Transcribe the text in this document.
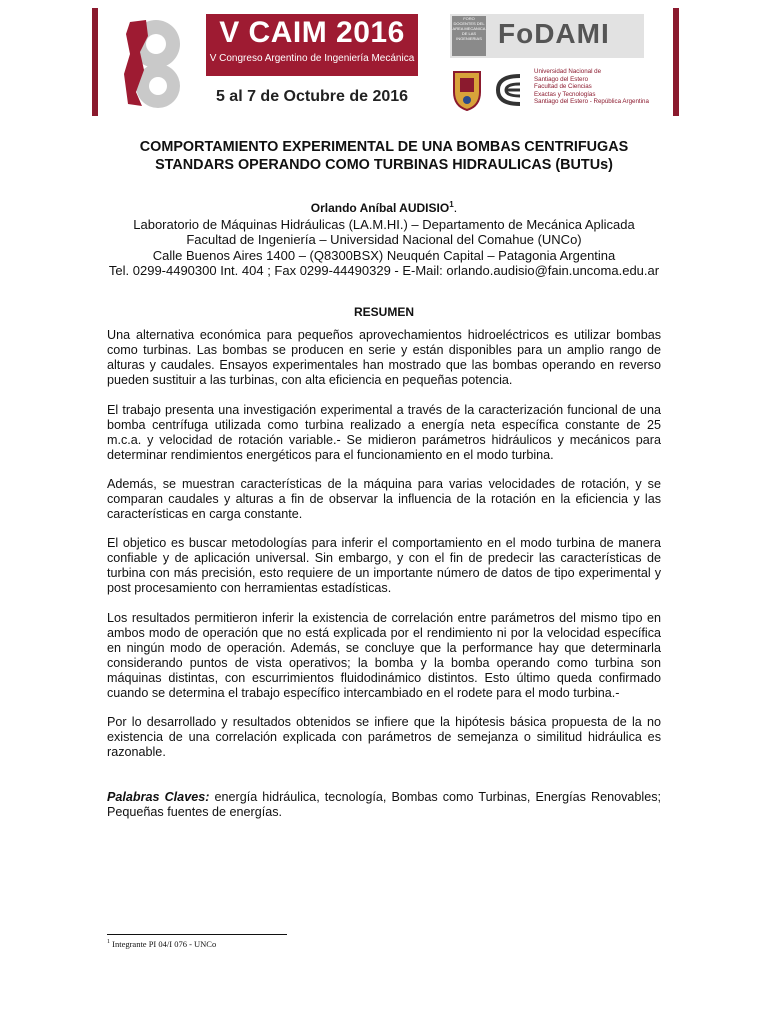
V CAIM 2016
V Congreso Argentino de Ingeniería Mecánica
5 al 7 de Octubre de 2016
FORO DOCENTES DEL AREA MECANICA DE LAS INGENIERIAS FoDAMI
Universidad Nacional de
Santiago del Estero
Facultad de Ciencias
Exactas y Tecnologías
Santiago del Estero - República Argentina
COMPORTAMIENTO EXPERIMENTAL DE UNA BOMBAS CENTRIFUGAS
STANDARS OPERANDO COMO TURBINAS HIDRAULICAS (BUTUs)
Orlando Aníbal AUDISIO$^1$.
Laboratorio de Máquinas Hidráulicas (LA.M.HI.) – Departamento de Mecánica Aplicada
Facultad de Ingeniería – Universidad Nacional del Comahue (UNCo)
Calle Buenos Aires 1400 – (Q8300BSX) Neuquén Capital – Patagonia Argentina
Tel. 0299-4490300 Int. 404 ; Fax 0299-44490329 - E-Mail: orlando.audisio@fain.uncoma.edu.ar
RESUMEN

Una alternativa económica para pequeños aprovechamientos hidroeléctricos es utilizar bombas como turbinas. Las bombas se producen en serie y están disponibles para un amplio rango de alturas y caudales. Ensayos experimentales han mostrado que las bombas operando en reverso pueden sustituir a las turbinas, con alta eficiencia en pequeñas potencia.

El trabajo presenta una investigación experimental a través de la caracterización funcional de una bomba centrífuga utilizada como turbina realizado a energía neta específica constante de 25 m.c.a. y velocidad de rotación variable.- Se midieron parámetros hidráulicos y mecánicos para determinar rendimientos energéticos para el funcionamiento en el modo turbina.

Además, se muestran características de la máquina para varias velocidades de rotación, y se comparan caudales y alturas a fin de observar la influencia de la rotación en la eficiencia y las características en carga constante.

El objetico es buscar metodologías para inferir el comportamiento en el modo turbina de manera confiable y de aplicación universal. Sin embargo, y con el fin de predecir las características de turbina con más precisión, esto requiere de un importante número de datos de tipo experimental y post procesamiento con herramientas estadísticas.

Los resultados permitieron inferir la existencia de correlación entre parámetros del mismo tipo en ambos modo de operación que no está explicada por el rendimiento ni por la velocidad específica en ningún modo de operación. Además, se concluye que la performance hay que determinarla considerando puntos de vista operativos; la bomba y la bomba operando como turbina son máquinas distintas, con escurrimientos fluidodinámico distintos. Esto último queda confirmado cuando se determina el trabajo específico intercambiado en el rodete para el modo turbina.-

Por lo desarrollado y resultados obtenidos se infiere que la hipótesis básica propuesta de la no existencia de una correlación explicada con parámetros de semejanza o similitud hidráulica es razonable.

Palabras Claves: energía hidráulica, tecnología, Bombas como Turbinas, Energías Renovables; Pequeñas fuentes de energías.

$^1$ Integrante PI 04/I 076 - UNCo
